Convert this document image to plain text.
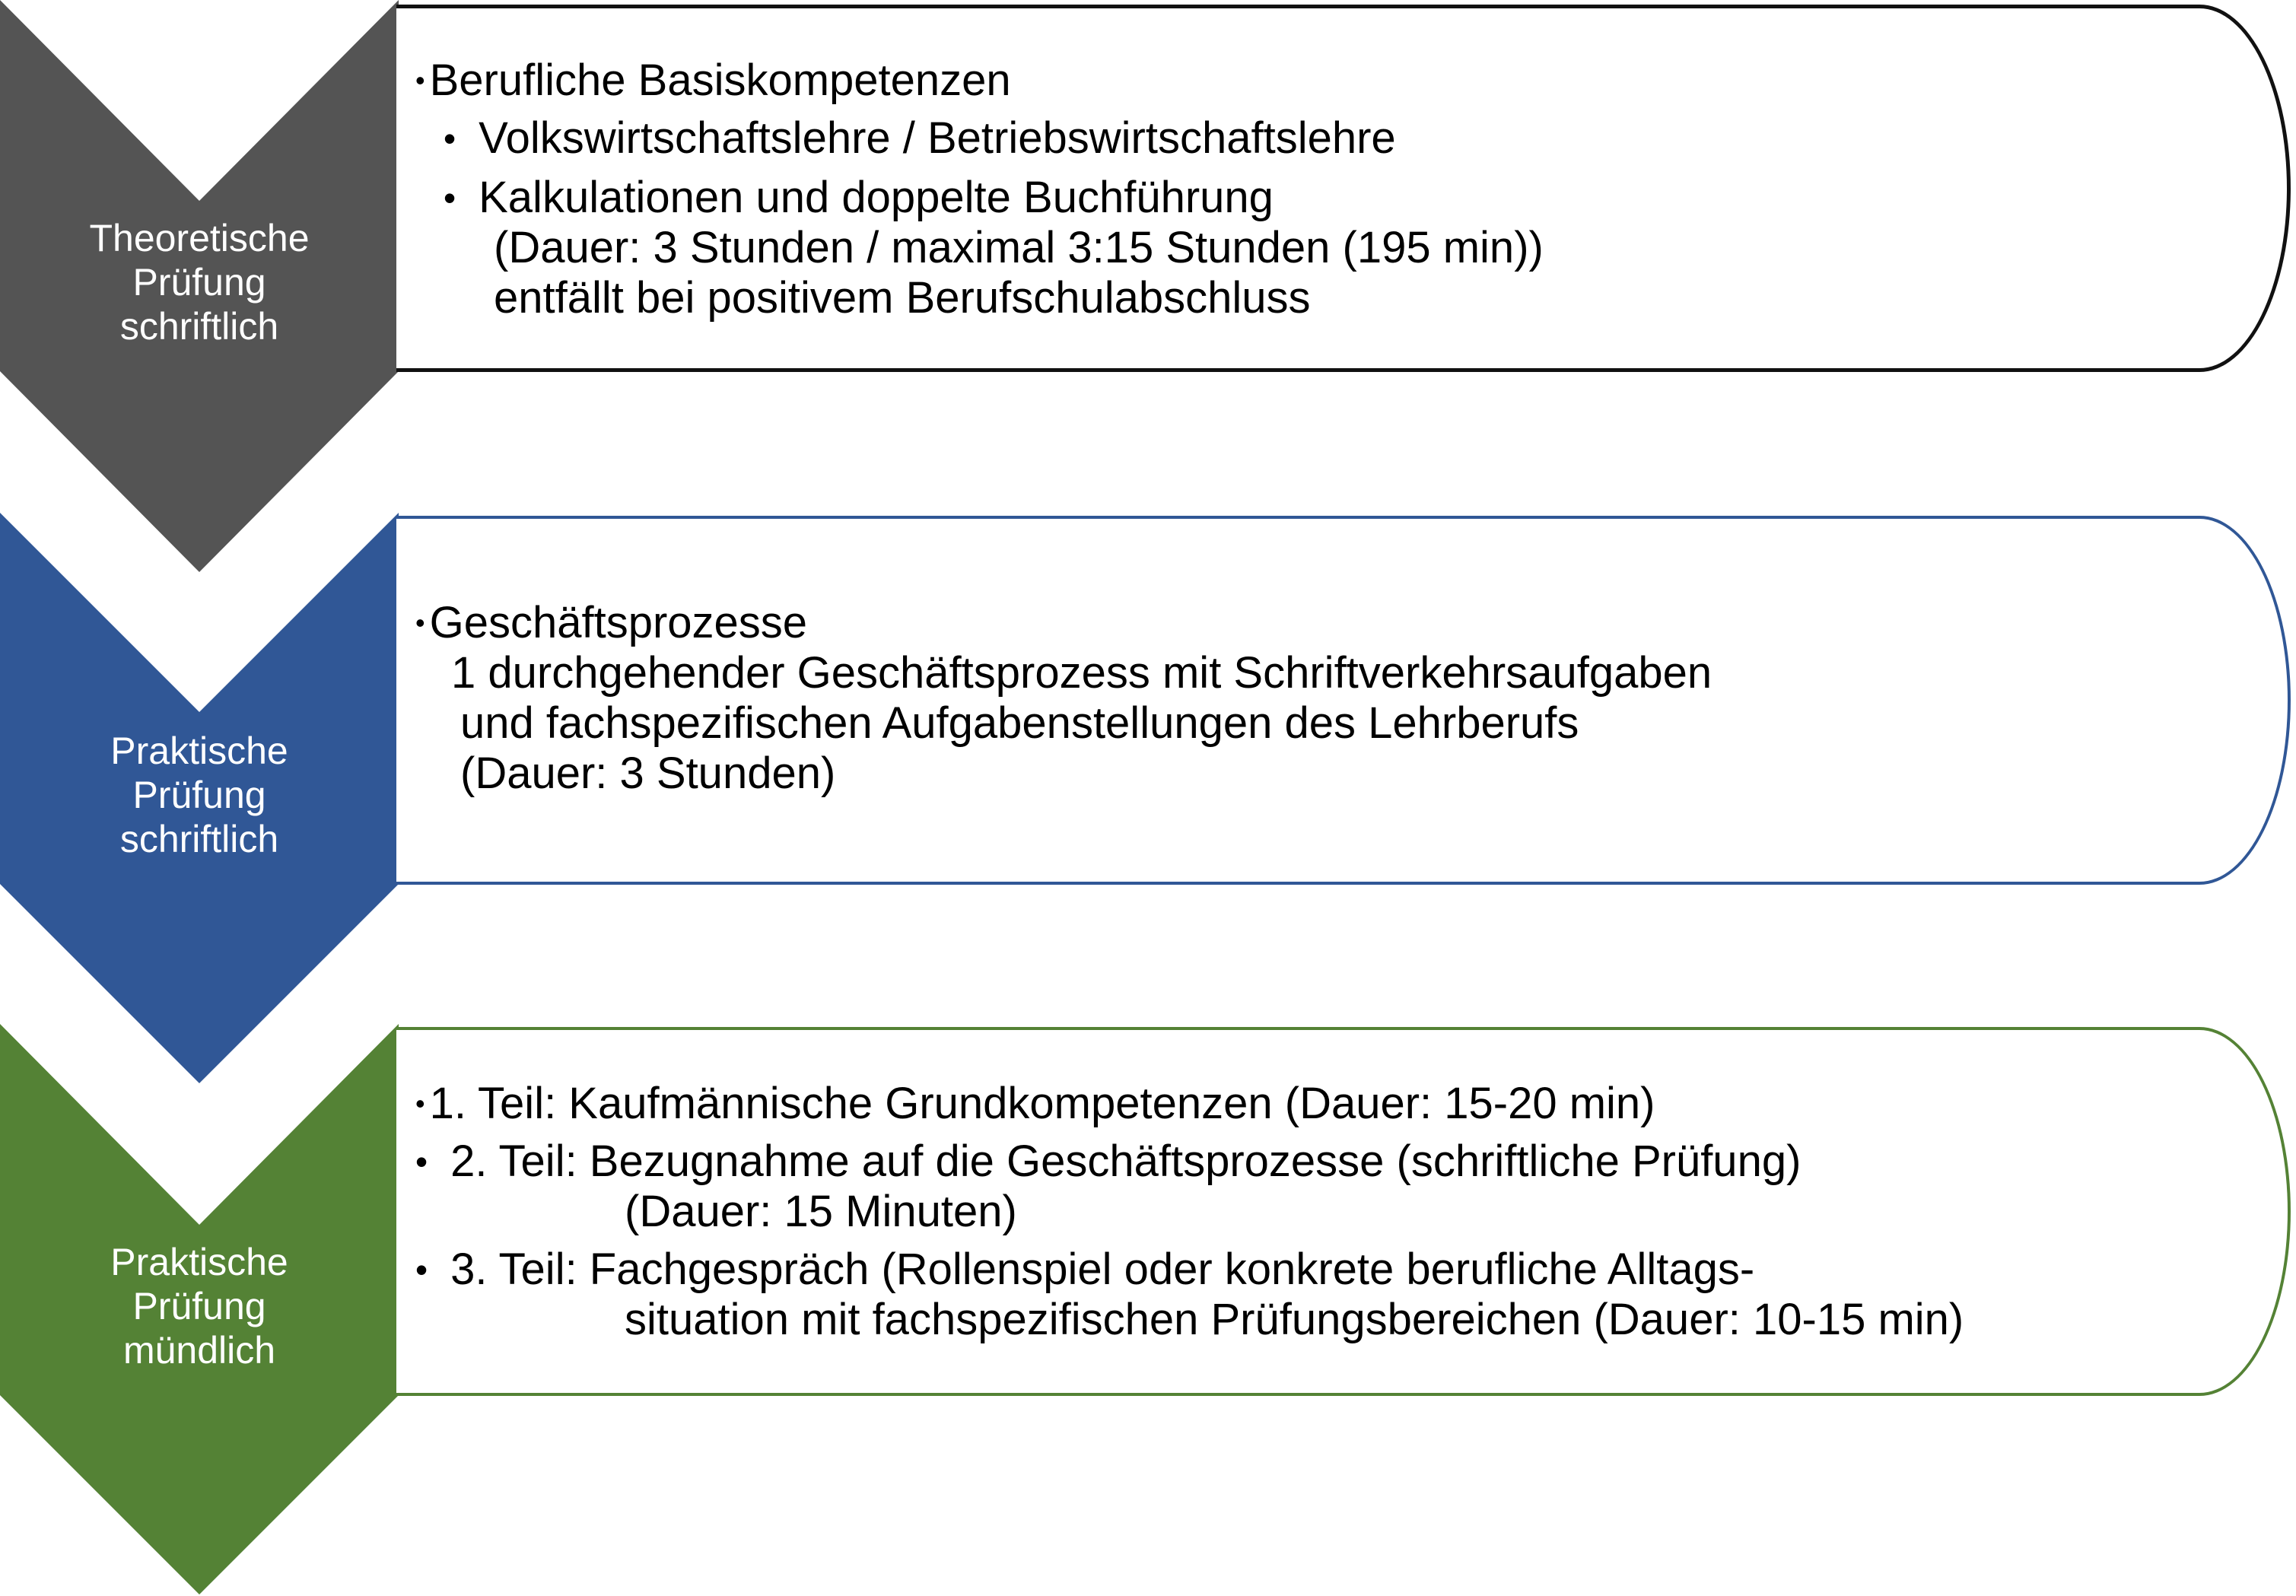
Theoretische
Prüfung
schriftlich
Praktische
Prüfung
schriftlich
Praktische
Prüfung
mündlich
• Berufliche Basiskompetenzen
• Volkswirtschaftslehre / Betriebswirtschaftslehre
• Kalkulationen und doppelte Buchführung
(Dauer: 3 Stunden / maximal 3:15 Stunden (195 min))
entfällt bei positivem Berufschulabschluss
• Geschäftsprozesse
1 durchgehender Geschäftsprozess mit Schriftverkehrsaufgaben
und fachspezifischen Aufgabenstellungen des Lehrberufs
(Dauer: 3 Stunden)
• 1. Teil: Kaufmännische Grundkompetenzen (Dauer: 15-20 min)
• 2. Teil: Bezugnahme auf die Geschäftsprozesse (schriftliche Prüfung)
(Dauer: 15 Minuten)
• 3. Teil: Fachgespräch (Rollenspiel oder konkrete berufliche Alltags-
situation mit fachspezifischen Prüfungsbereichen (Dauer: 10-15 min)
